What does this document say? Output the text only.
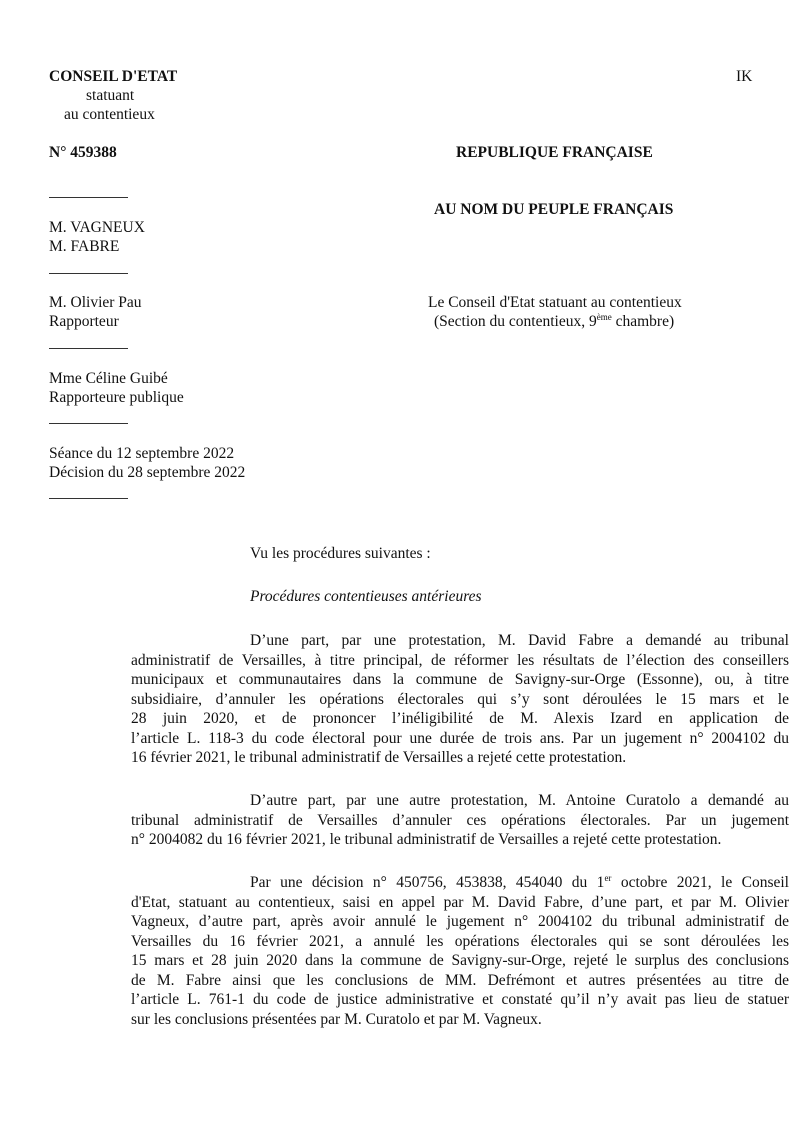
CONSEIL D'ETAT
statuant
au contentieux
IK
N° 459388	REPUBLIQUE FRANÇAISE
AU NOM DU PEUPLE FRANÇAIS
M. VAGNEUX
M. FABRE
M. Olivier Pau
Rapporteur
Le Conseil d'Etat statuant au contentieux
(Section du contentieux, 9ème chambre)
Mme Céline Guibé
Rapporteure publique
Séance du 12 septembre 2022
Décision du 28 septembre 2022
Vu les procédures suivantes :
Procédures contentieuses antérieures
D’une part, par une protestation, M. David Fabre a demandé au tribunal
administratif de Versailles, à titre principal, de réformer les résultats de l’élection des conseillers
municipaux et communautaires dans la commune de Savigny-sur-Orge (Essonne), ou, à titre
subsidiaire, d’annuler les opérations électorales qui s’y sont déroulées le 15 mars et le
28 juin 2020, et de prononcer l’inéligibilité de M. Alexis Izard en application de
l’article L. 118-3 du code électoral pour une durée de trois ans. Par un jugement n° 2004102 du
16 février 2021, le tribunal administratif de Versailles a rejeté cette protestation.
D’autre part, par une autre protestation, M. Antoine Curatolo a demandé au
tribunal administratif de Versailles d’annuler ces opérations électorales. Par un jugement
n° 2004082 du 16 février 2021, le tribunal administratif de Versailles a rejeté cette protestation.
Par une décision n° 450756, 453838, 454040 du 1er octobre 2021, le Conseil
d'Etat, statuant au contentieux, saisi en appel par M. David Fabre, d’une part, et par M. Olivier
Vagneux, d’autre part, après avoir annulé le jugement n° 2004102 du tribunal administratif de
Versailles du 16 février 2021, a annulé les opérations électorales qui se sont déroulées les
15 mars et 28 juin 2020 dans la commune de Savigny-sur-Orge, rejeté le surplus des conclusions
de M. Fabre ainsi que les conclusions de MM. Defrémont et autres présentées au titre de
l’article L. 761-1 du code de justice administrative et constaté qu’il n’y avait pas lieu de statuer
sur les conclusions présentées par M. Curatolo et par M. Vagneux.
